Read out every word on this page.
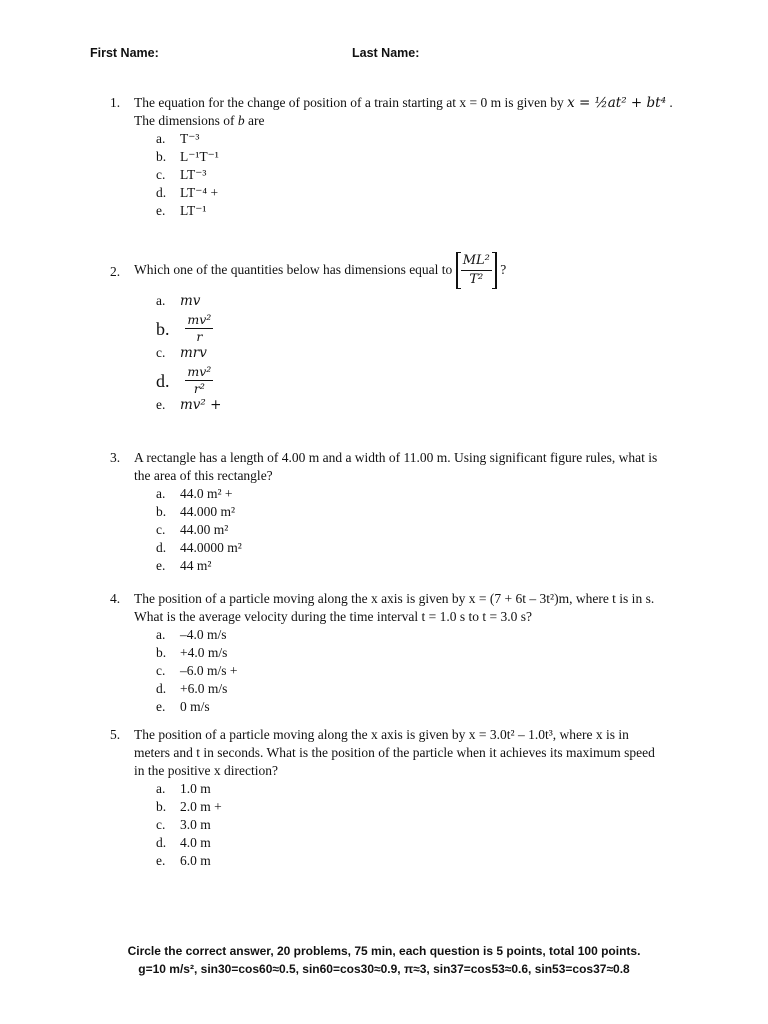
First Name:	Last Name:
1. The equation for the change of position of a train starting at x = 0 m is given by x = ½at² + bt⁴ .
The dimensions of b are
a. T⁻³
b. L⁻¹T⁻¹
c. LT⁻³
d. LT⁻⁴ +
e. LT⁻¹
2. Which one of the quantities below has dimensions equal to $\frac{\text{ML²}}{\text{T²}}$ ?
a. mv
b. $\frac{\text{mv²}}{r}$
c. mrv
d. $\frac{\text{mv²}}{\text{r²}}$
e. mv² +
3. A rectangle has a length of 4.00 m and a width of 11.00 m. Using significant figure rules, what is
the area of this rectangle?
a. 44.0 m² +
b. 44.000 m²
c. 44.00 m²
d. 44.0000 m²
e. 44 m²
4. The position of a particle moving along the x axis is given by x = (7 + 6t – 3t²)m, where t is in s.
What is the average velocity during the time interval t = 1.0 s to t = 3.0 s?
a. –4.0 m/s
b. +4.0 m/s
c. –6.0 m/s +
d. +6.0 m/s
e. 0 m/s
5. The position of a particle moving along the x axis is given by x = 3.0t² – 1.0t³, where x is in
meters and t in seconds. What is the position of the particle when it achieves its maximum speed
in the positive x direction?
a. 1.0 m
b. 2.0 m +
c. 3.0 m
d. 4.0 m
e. 6.0 m
Circle the correct answer, 20 problems, 75 min, each question is 5 points, total 100 points.
g=10 m/s², sin30=cos60≈0.5, sin60=cos30≈0.9, π≈3, sin37=cos53≈0.6, sin53=cos37≈0.8
